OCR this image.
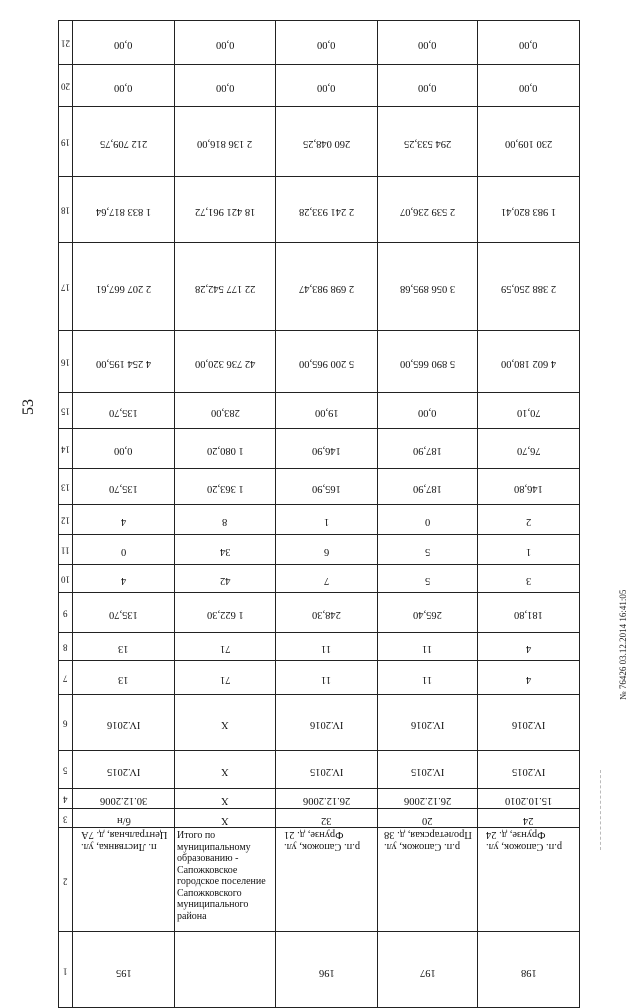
53
№ 76426 03.12.2014 16:41:05
21	0,00	0,00	0,00	0,00	0,00
20	0,00	0,00	0,00	0,00	0,00
19	212 709,75	2 136 816,00	260 048,25	294 533,25	230 109,00
18	1 833 817,64	18 421 961,72	2 241 933,28	2 539 236,07	1 983 820,41
17	2 207 667,61	22 177 542,28	2 698 983,47	3 056 895,68	2 388 250,59
16	4 254 195,00	42 736 320,00	5 200 965,00	5 890 665,00	4 602 180,00
15	135,70	283,00	19,00	0,00	70,10
14	0,00	1 080,20	146,90	187,90	76,70
13	135,70	1 363,20	165,90	187,90	146,80
12	4	8	1	0	2
11	0	34	6	5	1
10	4	42	7	5	3
9	135,70	1 622,30	248,30	265,40	181,80
8	13	71	11	11	4
7	13	71	11	11	4
6	IV.2016	X	IV.2016	IV.2016	IV.2016
5	IV.2015	X	IV.2015	IV.2015	IV.2015
4	30.12.2006	X	26.12.2006	26.12.2006	15.10.2010
3	б/н	X	32	20	24
2	п. Листвянка, ул. Центральная, д. 7А	Итого по муниципальному образованию - Сапожковское городское поселение Сапожковского муниципального района	р.п. Сапожок, ул. Фрунзе, д. 21	р.п. Сапожок, ул. Пролетарская, д. 38	р.п. Сапожок, ул. Фрунзе, д. 24
1	195		196	197	198
